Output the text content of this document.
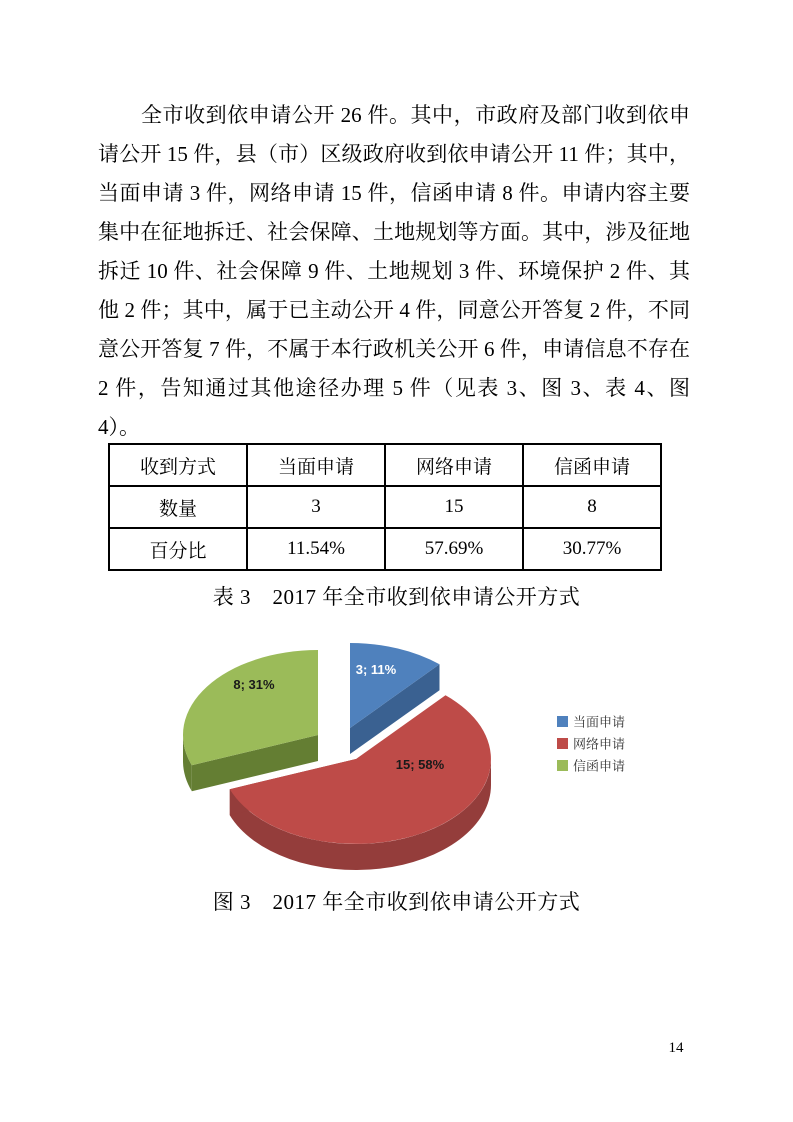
全市收到依申请公开 26 件。其中，市政府及部门收到依申请公开 15 件，县（市）区级政府收到依申请公开 11 件；其中，当面申请 3 件，网络申请 15 件，信函申请 8 件。申请内容主要集中在征地拆迁、社会保障、土地规划等方面。其中，涉及征地拆迁 10 件、社会保障 9 件、土地规划 3 件、环境保护 2 件、其他 2 件；其中，属于已主动公开 4 件，同意公开答复 2 件，不同意公开答复 7 件，不属于本行政机关公开 6 件，申请信息不存在 2 件，告知通过其他途径办理 5 件（见表 3、图 3、表 4、图 4）。

收到方式	当面申请	网络申请	信函申请
数量	3	15	8
百分比	11.54%	57.69%	30.77%
表 3　2017 年全市收到依申请公开方式
3; 11%
8; 31%
15; 58%
当面申请
网络申请
信函申请
图 3　2017 年全市收到依申请公开方式
14
